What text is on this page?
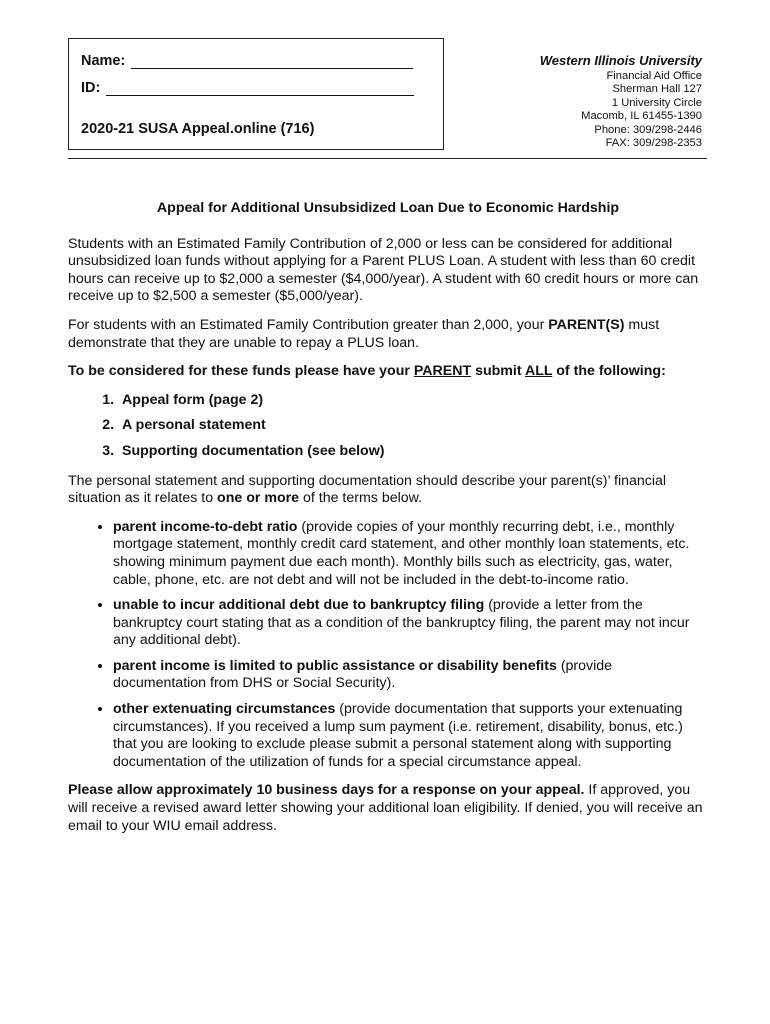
Name:
ID:
2020-21 SUSA Appeal.online (716)
Western Illinois University
Financial Aid Office
Sherman Hall 127
1 University Circle
Macomb, IL 61455-1390
Phone: 309/298-2446
FAX: 309/298-2353
Appeal for Additional Unsubsidized Loan Due to Economic Hardship

Students with an Estimated Family Contribution of 2,000 or less can be considered for additional unsubsidized loan funds without applying for a Parent PLUS Loan. A student with less than 60 credit hours can receive up to $2,000 a semester ($4,000/year). A student with 60 credit hours or more can receive up to $2,500 a semester ($5,000/year).

For students with an Estimated Family Contribution greater than 2,000, your PARENT(S) must demonstrate that they are unable to repay a PLUS loan.

To be considered for these funds please have your PARENT submit ALL of the following:

1. Appeal form (page 2)
2. A personal statement
3. Supporting documentation (see below)

The personal statement and supporting documentation should describe your parent(s)’ financial situation as it relates to one or more of the terms below.

• parent income-to-debt ratio (provide copies of your monthly recurring debt, i.e., monthly mortgage statement, monthly credit card statement, and other monthly loan statements, etc. showing minimum payment due each month). Monthly bills such as electricity, gas, water, cable, phone, etc. are not debt and will not be included in the debt-to-income ratio.
• unable to incur additional debt due to bankruptcy filing (provide a letter from the bankruptcy court stating that as a condition of the bankruptcy filing, the parent may not incur any additional debt).
• parent income is limited to public assistance or disability benefits (provide documentation from DHS or Social Security).
• other extenuating circumstances (provide documentation that supports your extenuating circumstances). If you received a lump sum payment (i.e. retirement, disability, bonus, etc.) that you are looking to exclude please submit a personal statement along with supporting documentation of the utilization of funds for a special circumstance appeal.

Please allow approximately 10 business days for a response on your appeal. If approved, you will receive a revised award letter showing your additional loan eligibility. If denied, you will receive an email to your WIU email address.
